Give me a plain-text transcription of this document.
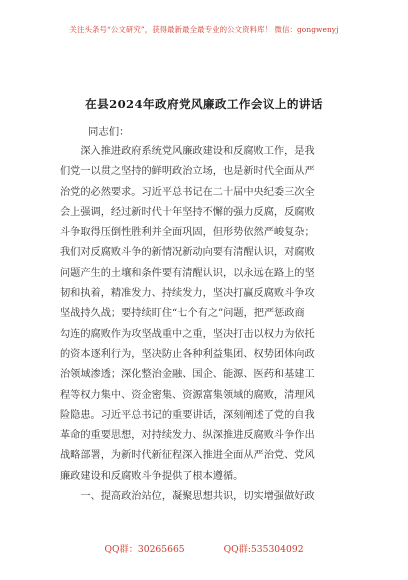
关注头条号“公文研究”，获得最新最全最专业的公文资料库！ 微信：gongwenyj
在县2024年政府党风廉政工作会议上的讲话
同志们：
　　深入推进政府系统党风廉政建设和反腐败工作，是我
们党一以贯之坚持的鲜明政治立场，也是新时代全面从严
治党的必然要求。习近平总书记在二十届中央纪委三次全
会上强调，经过新时代十年坚持不懈的强力反腐，反腐败
斗争取得压倒性胜利并全面巩固，但形势依然严峻复杂；
我们对反腐败斗争的新情况新动向要有清醒认识，对腐败
问题产生的土壤和条件要有清醒认识，以永远在路上的坚
韧和执着，精准发力、持续发力，坚决打赢反腐败斗争攻
坚战持久战；要持续盯住“七个有之”问题，把严惩政商
勾连的腐败作为攻坚战重中之重，坚决打击以权力为依托
的资本逐利行为，坚决防止各种利益集团、权势团体向政
治领域渗透；深化整治金融、国企、能源、医药和基建工
程等权力集中、资金密集、资源富集领域的腐败，清理风
险隐患。习近平总书记的重要讲话，深刻阐述了党的自我
革命的重要思想，对持续发力、纵深推进反腐败斗争作出
战略部署，为新时代新征程深入推进全面从严治党、党风
廉政建设和反腐败斗争提供了根本遵循。
　　一、提高政治站位，凝聚思想共识，切实增强做好政
QQ群：30265665	QQ群:535304092
